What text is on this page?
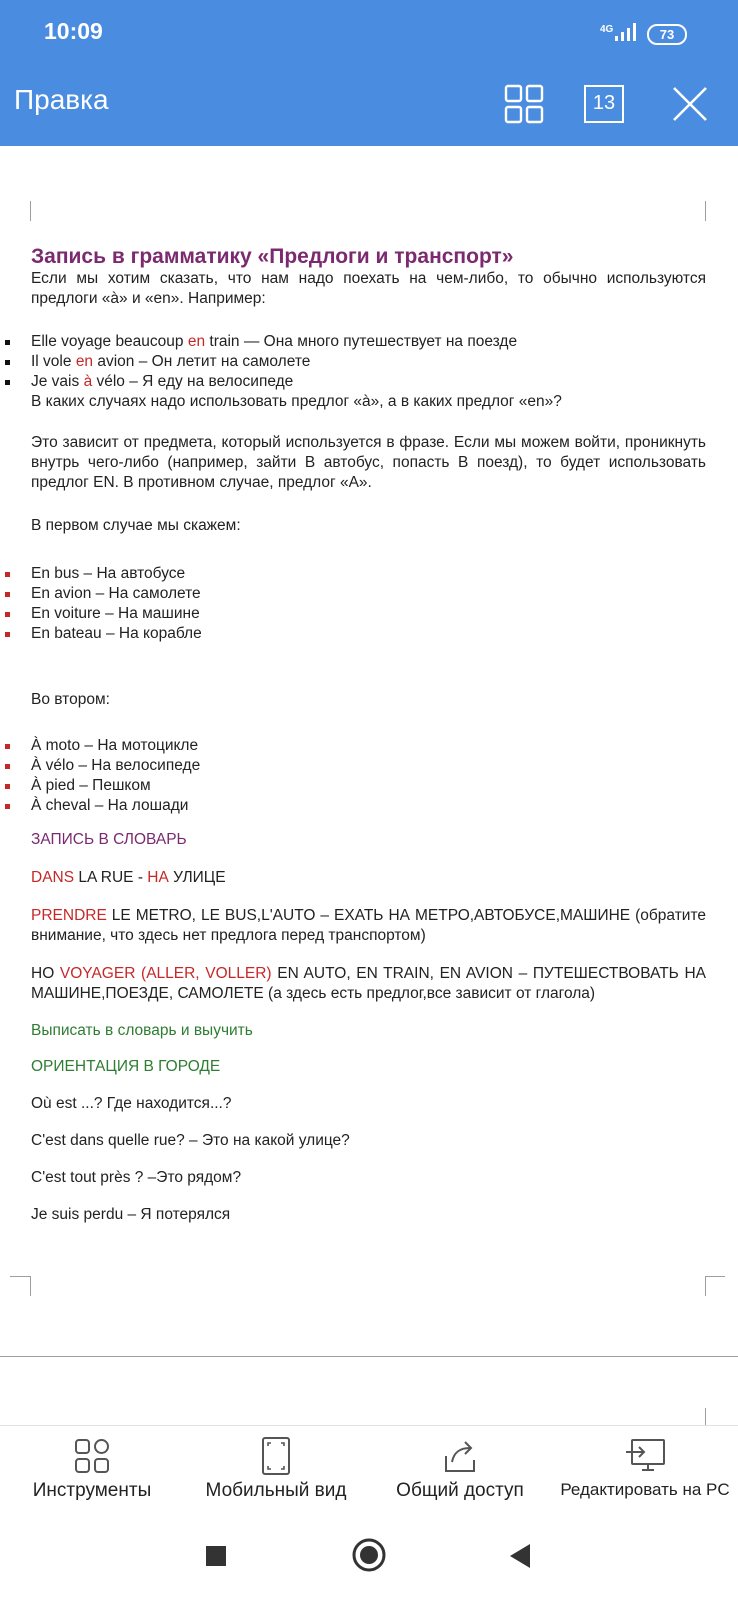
10:09	4G	73
Правка	13
Запись в грамматику «Предлоги и транспорт»

Если мы хотим сказать, что нам надо поехать на чем-либо, то обычно используются предлоги «à» и «en». Например:

Elle voyage beaucoup en train — Она много путешествует на поезде
Il vole en avion – Он летит на самолете
Je vais à vélo – Я еду на велосипеде

В каких случаях надо использовать предлог «à», а в каких предлог «en»?

Это зависит от предмета, который используется в фразе. Если мы можем войти, проникнуть внутрь чего-либо (например, зайти В автобус, попасть В поезд), то будет использовать предлог EN. В противном случае, предлог «А».

В первом случае мы скажем:

En bus – На автобусе
En avion – На самолете
En voiture – На машине
En bateau – На корабле

Во втором:

À moto – На мотоцикле
À vélo – На велосипеде
À pied – Пешком
À cheval – На лошади

ЗАПИСЬ В СЛОВАРЬ

DANS LA RUE - НА УЛИЦЕ

PRENDRE LE METRO, LE BUS,L'AUTO – ЕХАТЬ НА МЕТРО,АВТОБУСЕ,МАШИНЕ (обратите внимание, что здесь нет предлога перед транспортом)

НО VOYAGER (ALLER, VOLLER) EN AUTO, EN TRAIN, EN AVION – ПУТЕШЕСТВОВАТЬ НА МАШИНЕ,ПОЕЗДЕ, САМОЛЕТЕ (а здесь есть предлог,все зависит от глагола)

Выписать в словарь и выучить

ОРИЕНТАЦИЯ В ГОРОДЕ

Où est ...? Где находится...?

C'est dans quelle rue? – Это на какой улице?

C'est tout près ? –Это рядом?

Je suis perdu – Я потерялся

Инструменты	Мобильный вид	Общий доступ	Редактировать на PC
